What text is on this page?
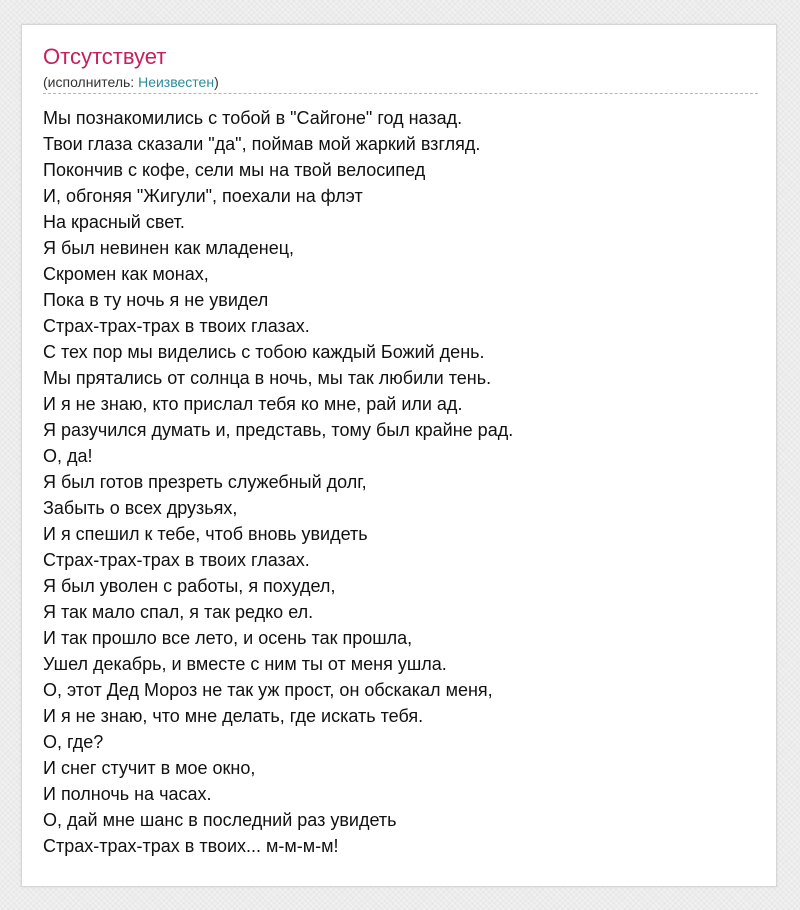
Отсутствует
(исполнитель: Неизвестен)
Мы познакомились с тобой в "Сайгоне" год назад.
Твои глаза сказали "да", поймав мой жаркий взгляд.
Покончив с кофе, сели мы на твой велосипед
И, обгоняя "Жигули", поехали на флэт
На красный свет.
Я был невинен как младенец,
Скромен как монах,
Пока в ту ночь я не увидел
Страх-трах-трах в твоих глазах.
С тех пор мы виделись с тобою каждый Божий день.
Мы прятались от солнца в ночь, мы так любили тень.
И я не знаю, кто прислал тебя ко мне, рай или ад.
Я разучился думать и, представь, тому был крайне рад.
О, да!
Я был готов презреть служебный долг,
Забыть о всех друзьях,
И я спешил к тебе, чтоб вновь увидеть
Страх-трах-трах в твоих глазах.
Я был уволен с работы, я похудел,
Я так мало спал, я так редко ел.
И так прошло все лето, и осень так прошла,
Ушел декабрь, и вместе с ним ты от меня ушла.
О, этот Дед Мороз не так уж прост, он обскакал меня,
И я не знаю, что мне делать, где искать тебя.
О, где?
И снег стучит в мое окно,
И полночь на часах.
О, дай мне шанс в последний раз увидеть
Страх-трах-трах в твоих... м-м-м-м!
